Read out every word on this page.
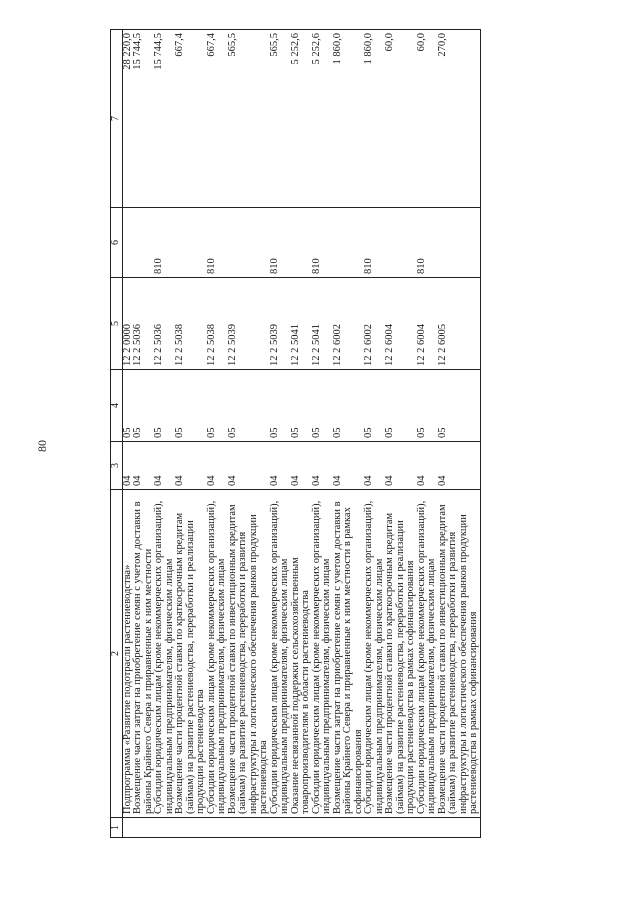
80
1	2	3	4	5	6	7
	Подпрограмма «Развитие подотрасли растениеводства»	04	05	12 2 0000		28 220,0
	Возмещение части затрат на приобретение семян с учетом доставки в районы Крайнего Севера и приравненные к ним местности	04	05	12 2 5036		15 744,5
	Субсидии юридическим лицам (кроме некоммерческих организаций), индивидуальным предпринимателям, физическим лицам	04	05	12 2 5036	810	15 744,5
	Возмещение части процентной ставки по краткосрочным кредитам (займам) на развитие растениеводства, переработки и реализации продукции растениеводства	04	05	12 2 5038		667,4
	Субсидии юридическим лицам (кроме некоммерческих организаций), индивидуальным предпринимателям, физическим лицам	04	05	12 2 5038	810	667,4
	Возмещение части процентной ставки по инвестиционным кредитам (займам) на развитие растениеводства, переработки и развития инфраструктуры и логистического обеспечения рынков продукции растениеводства	04	05	12 2 5039		565,5
	Субсидии юридическим лицам (кроме некоммерческих организаций), индивидуальным предпринимателям, физическим лицам	04	05	12 2 5039	810	565,5
	Оказание несвязанной поддержки сельскохозяйственным товаропроизводителям в области растениеводства	04	05	12 2 5041		5 252,6
	Субсидии юридическим лицам (кроме некоммерческих организаций), индивидуальным предпринимателям, физическим лицам	04	05	12 2 5041	810	5 252,6
	Возмещение части затрат на приобретение семян с учетом доставки в районы Крайнего Севера и приравненные к ним местности в рамках софинансирования	04	05	12 2 6002		1 860,0
	Субсидии юридическим лицам (кроме некоммерческих организаций), индивидуальным предпринимателям, физическим лицам	04	05	12 2 6002	810	1 860,0
	Возмещение части процентной ставки по краткосрочным кредитам (займам) на развитие растениеводства, переработки и реализации продукции растениеводства в рамках софинансирования	04	05	12 2 6004		60,0
	Субсидии юридическим лицам (кроме некоммерческих организаций), индивидуальным предпринимателям, физическим лицам	04	05	12 2 6004	810	60,0
	Возмещение части процентной ставки по инвестиционным кредитам (займам) на развитие растениеводства, переработки и развития инфраструктуры и логистического обеспечения рынков продукции растениеводства в рамках софинансирования	04	05	12 2 6005		270,0
